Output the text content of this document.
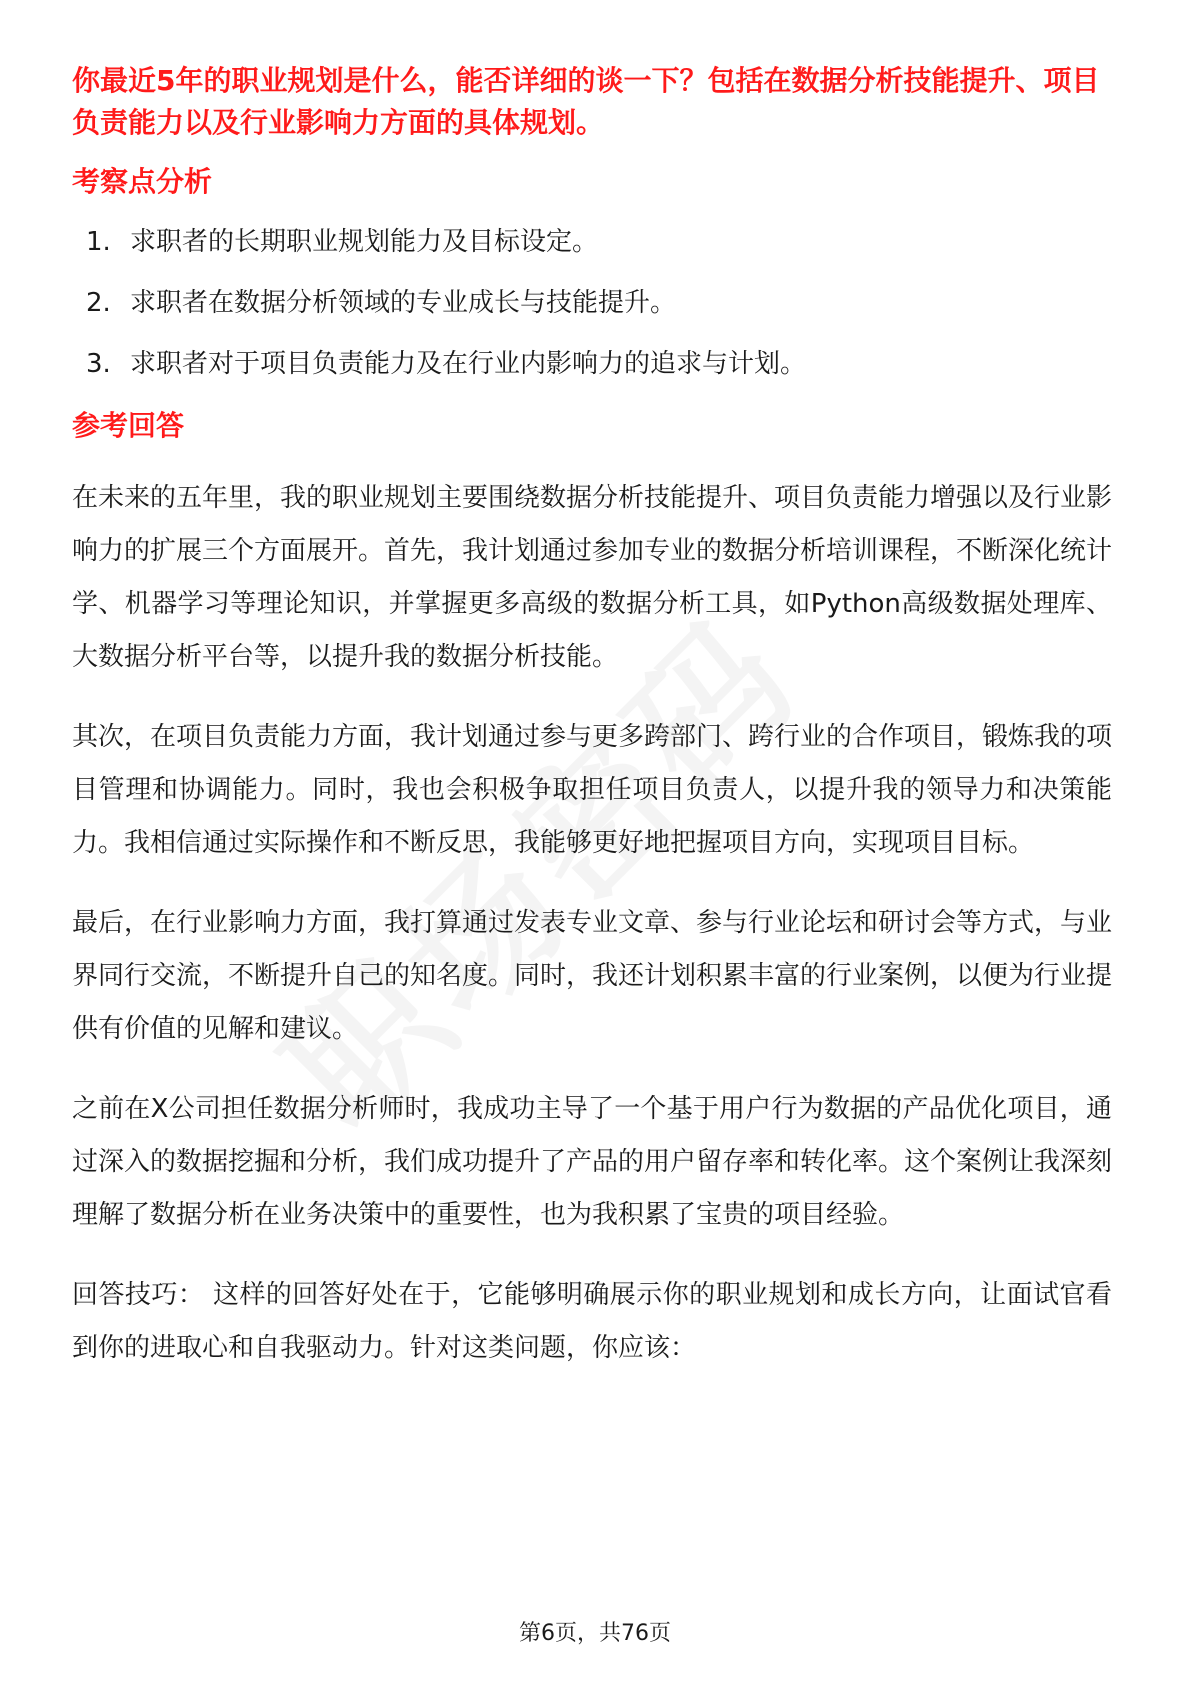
你最近5年的职业规划是什么，能否详细的谈一下？包括在数据分析技能提升、项目负责能力以及行业影响力方面的具体规划。

考察点分析
1. 求职者的长期职业规划能力及目标设定。
2. 求职者在数据分析领域的专业成长与技能提升。
3. 求职者对于项目负责能力及在行业内影响力的追求与计划。
参考回答

在未来的五年里，我的职业规划主要围绕数据分析技能提升、项目负责能力增强以及行业影响力的扩展三个方面展开。首先，我计划通过参加专业的数据分析培训课程，不断深化统计学、机器学习等理论知识，并掌握更多高级的数据分析工具，如Python高级数据处理库、大数据分析平台等，以提升我的数据分析技能。

其次，在项目负责能力方面，我计划通过参与更多跨部门、跨行业的合作项目，锻炼我的项目管理和协调能力。同时，我也会积极争取担任项目负责人，以提升我的领导力和决策能力。我相信通过实际操作和不断反思，我能够更好地把握项目方向，实现项目目标。

最后，在行业影响力方面，我打算通过发表专业文章、参与行业论坛和研讨会等方式，与业界同行交流，不断提升自己的知名度。同时，我还计划积累丰富的行业案例，以便为行业提供有价值的见解和建议。

之前在X公司担任数据分析师时，我成功主导了一个基于用户行为数据的产品优化项目，通过深入的数据挖掘和分析，我们成功提升了产品的用户留存率和转化率。这个案例让我深刻理解了数据分析在业务决策中的重要性，也为我积累了宝贵的项目经验。

回答技巧： 这样的回答好处在于，它能够明确展示你的职业规划和成长方向，让面试官看到你的进取心和自我驱动力。针对这类问题，你应该：

第6页，共76页
